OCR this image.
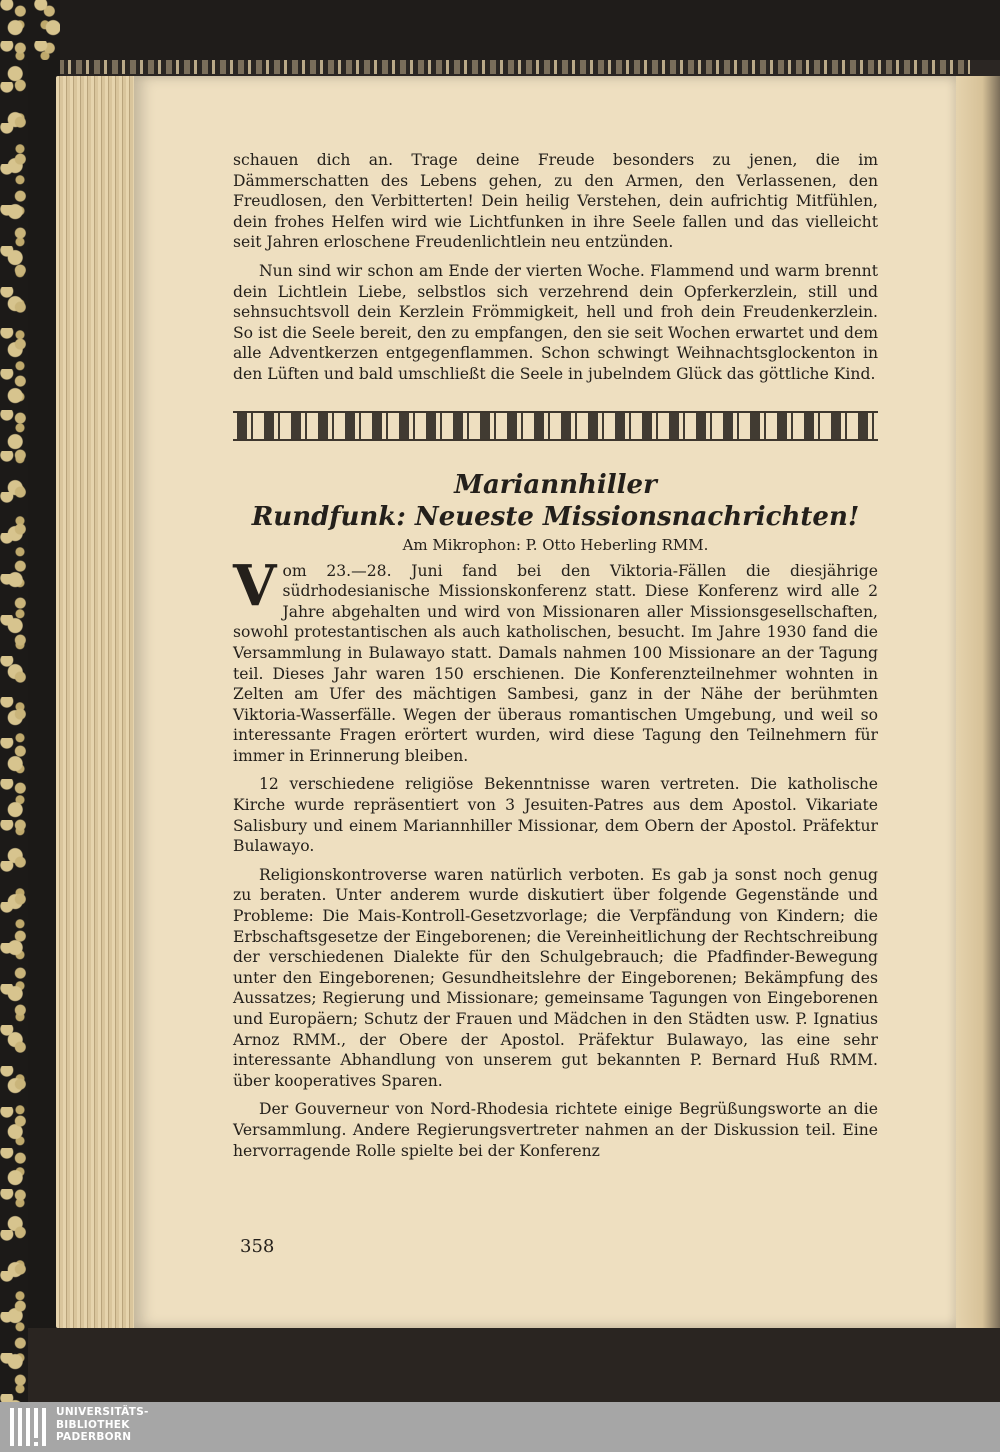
schauen dich an. Trage deine Freude besonders zu jenen, die im Dämmerschatten des Lebens gehen, zu den Armen, den Verlassenen, den Freudlosen, den Verbitterten! Dein heilig Verstehen, dein aufrichtig Mitfühlen, dein frohes Helfen wird wie Lichtfunken in ihre Seele fallen und das vielleicht seit Jahren erloschene Freudenlichtlein neu entzünden.

Nun sind wir schon am Ende der vierten Woche. Flammend und warm brennt dein Lichtlein Liebe, selbstlos sich verzehrend dein Opferkerzlein, still und sehnsuchtsvoll dein Kerzlein Frömmigkeit, hell und froh dein Freudenkerzlein. So ist die Seele bereit, den zu empfangen, den sie seit Wochen erwartet und dem alle Adventkerzen entgegenflammen. Schon schwingt Weihnachtsglockenton in den Lüften und bald umschließt die Seele in jubelndem Glück das göttliche Kind.

Mariannhiller

Rundfunk: Neueste Missionsnachrichten!

Am Mikrophon: P. Otto Heberling RMM.

Vom 23.—28. Juni fand bei den Viktoria-Fällen die diesjährige südrhodesianische Missionskonferenz statt. Diese Konferenz wird alle 2 Jahre abgehalten und wird von Missionaren aller Missionsgesellschaften, sowohl protestantischen als auch katholischen, besucht. Im Jahre 1930 fand die Versammlung in Bulawayo statt. Damals nahmen 100 Missionare an der Tagung teil. Dieses Jahr waren 150 erschienen. Die Konferenzteilnehmer wohnten in Zelten am Ufer des mächtigen Sambesi, ganz in der Nähe der berühmten Viktoria-Wasserfälle. Wegen der überaus romantischen Umgebung, und weil so interessante Fragen erörtert wurden, wird diese Tagung den Teilnehmern für immer in Erinnerung bleiben.

12 verschiedene religiöse Bekenntnisse waren vertreten. Die katholische Kirche wurde repräsentiert von 3 Jesuiten-Patres aus dem Apostol. Vikariate Salisbury und einem Mariannhiller Missionar, dem Obern der Apostol. Präfektur Bulawayo.

Religionskontroverse waren natürlich verboten. Es gab ja sonst noch genug zu beraten. Unter anderem wurde diskutiert über folgende Gegenstände und Probleme: Die Mais-Kontroll-Gesetzvorlage; die Verpfändung von Kindern; die Erbschaftsgesetze der Eingeborenen; die Vereinheitlichung der Rechtschreibung der verschiedenen Dialekte für den Schulgebrauch; die Pfadfinder-Bewegung unter den Eingeborenen; Gesundheitslehre der Eingeborenen; Bekämpfung des Aussatzes; Regierung und Missionare; gemeinsame Tagungen von Eingeborenen und Europäern; Schutz der Frauen und Mädchen in den Städten usw. P. Ignatius Arnoz RMM., der Obere der Apostol. Präfektur Bulawayo, las eine sehr interessante Abhandlung von unserem gut bekannten P. Bernard Huß RMM. über kooperatives Sparen.

Der Gouverneur von Nord-Rhodesia richtete einige Begrüßungsworte an die Versammlung. Andere Regierungsvertreter nahmen an der Diskussion teil. Eine hervorragende Rolle spielte bei der Konferenz

358
UNIVERSITÄTS-
BIBLIOTHEK
PADERBORN
